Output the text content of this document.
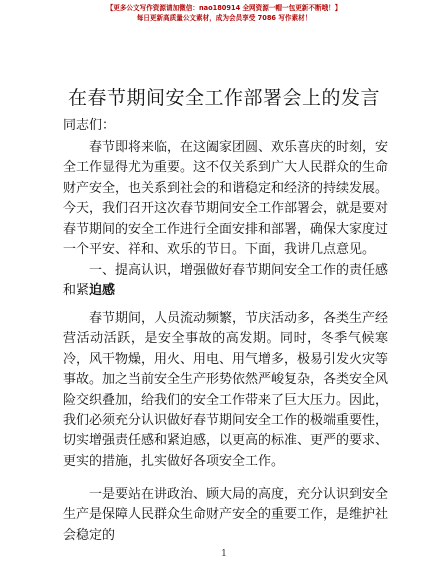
【更多公文写作资源请加微信：nao180914 全网资源一帽一包更新不断哦！】
每日更新高质量公文素材，成为会员享受 7086 写作素材！
在春节期间安全工作部署会上的发言
同志们：

春节即将来临，在这阖家团圆、欢乐喜庆的时刻，安全工作显得尤为重要。这不仅关系到广大人民群众的生命财产安全，也关系到社会的和谐稳定和经济的持续发展。今天，我们召开这次春节期间安全工作部署会，就是要对春节期间的安全工作进行全面安排和部署，确保大家度过一个平安、祥和、欢乐的节日。下面，我讲几点意见。

一、提高认识，增强做好春节期间安全工作的责任感和紧迫感

春节期间，人员流动频繁，节庆活动多，各类生产经营活动活跃，是安全事故的高发期。同时，冬季气候寒冷，风干物燥，用火、用电、用气增多，极易引发火灾等事故。加之当前安全生产形势依然严峻复杂，各类安全风险交织叠加，给我们的安全工作带来了巨大压力。因此，我们必须充分认识做好春节期间安全工作的极端重要性，切实增强责任感和紧迫感，以更高的标准、更严的要求、更实的措施，扎实做好各项安全工作。

一是要站在讲政治、顾大局的高度，充分认识到安全生产是保障人民群众生命财产安全的重要工作，是维护社会稳定的

1
